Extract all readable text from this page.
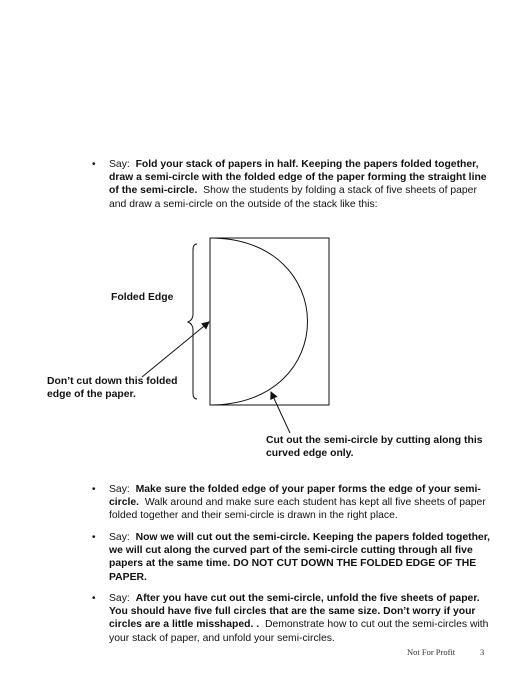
• Say: Fold your stack of papers in half. Keeping the papers folded together, draw a semi-circle with the folded edge of the paper forming the straight line of the semi-circle. Show the students by folding a stack of five sheets of paper and draw a semi-circle on the outside of the stack like this:
Folded Edge
Don’t cut down this folded edge of the paper.
Cut out the semi-circle by cutting along this curved edge only.
• Say: Make sure the folded edge of your paper forms the edge of your semi-circle. Walk around and make sure each student has kept all five sheets of paper folded together and their semi-circle is drawn in the right place.
• Say: Now we will cut out the semi-circle. Keeping the papers folded together, we will cut along the curved part of the semi-circle cutting through all five papers at the same time. DO NOT CUT DOWN THE FOLDED EDGE OF THE PAPER.
• Say: After you have cut out the semi-circle, unfold the five sheets of paper. You should have five full circles that are the same size. Don’t worry if your circles are a little misshaped. . Demonstrate how to cut out the semi-circles with your stack of paper, and unfold your semi-circles.
Not For Profit	3
